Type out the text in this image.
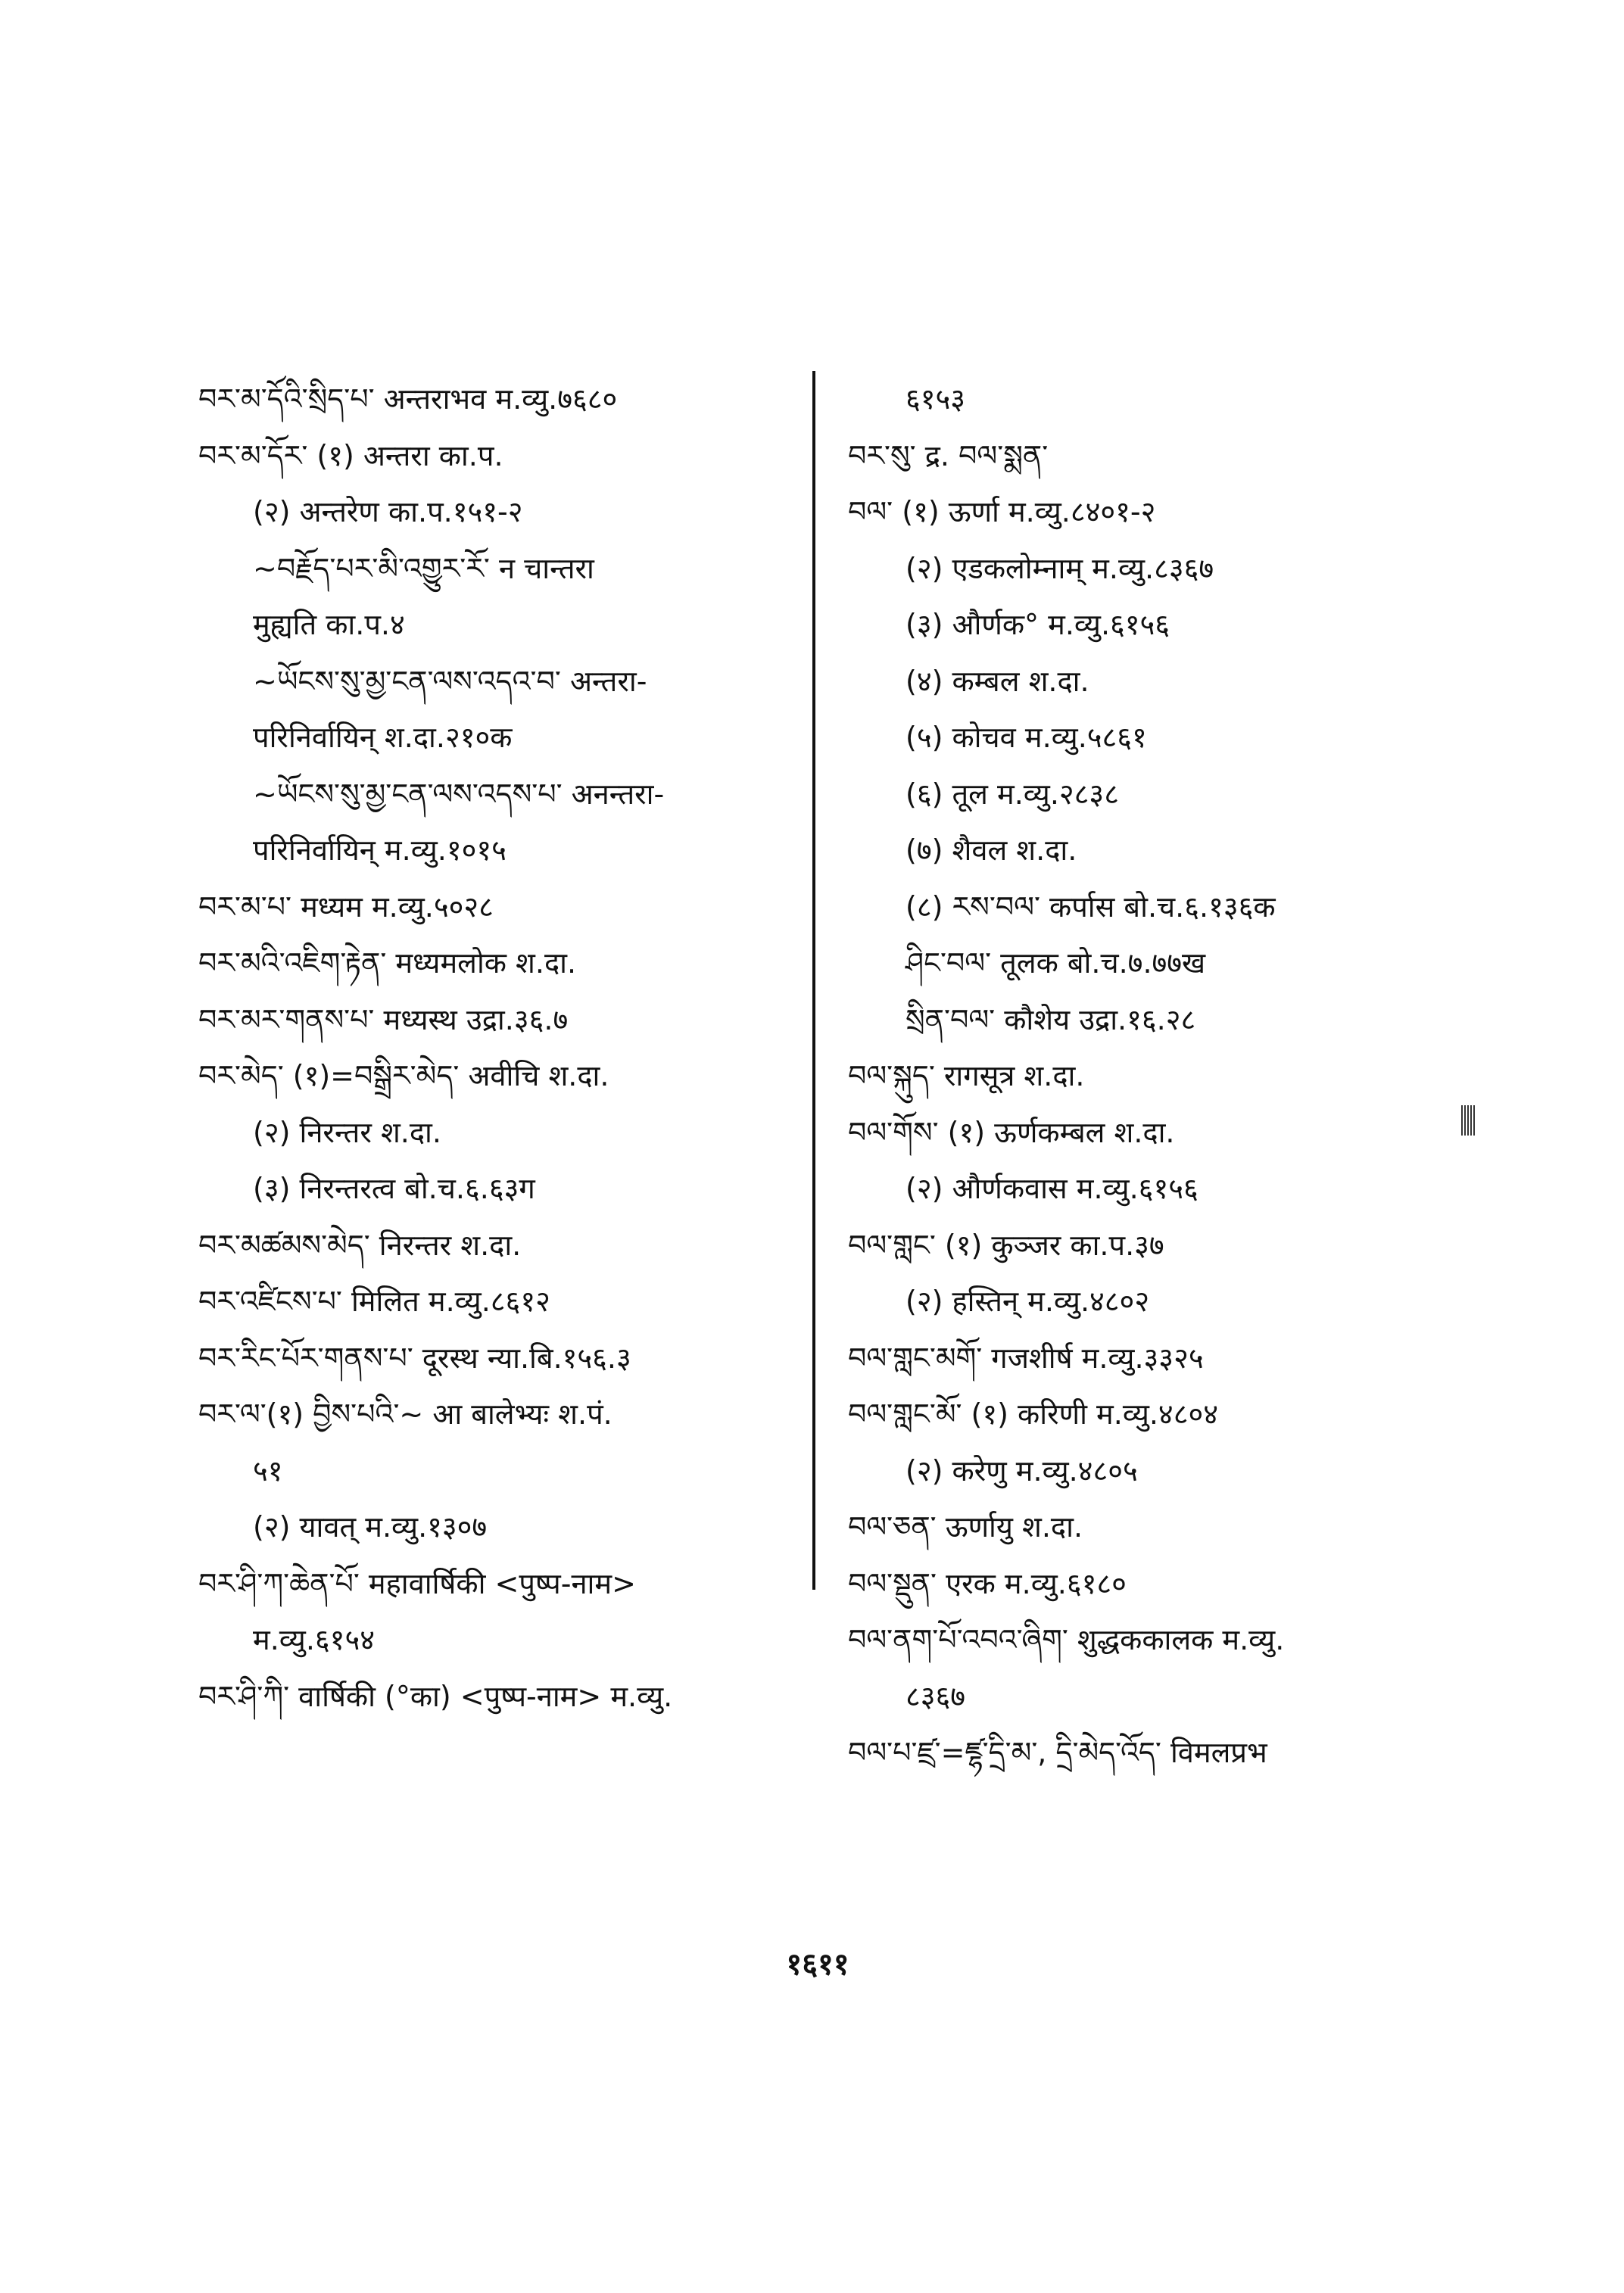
བར་མ་དོའི་སྲིད་པ་ अन्तराभव म.व्यु.७६८०
བར་མ་དོར་ (१) अन्तरा का.प.
(२) अन्तरेण का.प.१५१-२
~བརྗོད་པར་མི་འགྱུར་རོ་ न चान्तरा
मुह्यति का.प.४
~ཡོངས་སུ་མྱ་ངན་ལས་འདའ་བ་ अन्तरा-
परिनिर्वायिन् श.दा.२१०क
~ཡོངས་སུ་མྱ་ངན་ལས་འདས་པ་ अनन्तरा-
परिनिर्वायिन् म.व्यु.१०१५
བར་མ་པ་ मध्यम म.व्यु.५०२८
བར་མའི་འཇིག་རྟེན་ मध्यमलोक श.दा.
བར་མར་གནས་པ་ मध्यस्थ उद्रा.३६.७
བར་མེད་ (१)=བསྒྲིར་མེད་ अवीचि श.दा.
(२) निरन्तर श.दा.
(३) निरन्तरत्व बो.च.६.६३ग
བར་མཚམས་མེད་ निरन्तर श.दा.
བར་འཛིངས་པ་ मिलित म.व्यु.८६१२
བར་རིང་པོར་གནས་པ་ दूरस्थ न्या.बि.१५६.३
བར་ལ་(१) བྱིས་པའི་~ आ बालेभ्यः श.पं.
५१
(२) यावत् म.व्यु.१३०७
བར་ཤི་ཀ་ཆེན་པོ་ महावार्षिकी <पुष्प-नाम>
म.व्यु.६१५४
བར་ཤི་ཀི་ वार्षिकी (°का) <पुष्प-नाम> म.व्यु.
६१५३
བར་སུ་ द्र. བལ་སྨན་
བལ་ (१) ऊर्णा म.व्यु.८४०१-२
(२) एडकलोम्नाम् म.व्यु.८३६७
(३) और्णक° म.व्यु.६१५६
(४) कम्बल श.दा.
(५) कोचव म.व्यु.५८६१
(६) तूल म.व्यु.२८३८
(७) शैवल श.दा.
(८) རས་བལ་ कर्पास बो.च.६.१३६क
ཤིང་བལ་ तूलक बो.च.७.७७ख
སྲིན་བལ་ कौशेय उद्रा.१६.२८
བལ་སྐུད་ रागसूत्र श.दा.
བལ་གོས་ (१) ऊर्णकम्बल श.दा.
(२) और्णकवास म.व्यु.६१५६
བལ་གླང་ (१) कुञ्जर का.प.३७
(२) हस्तिन् म.व्यु.४८०२
བལ་གླང་མགོ་ गजशीर्ष म.व्यु.३३२५
བལ་གླང་མོ་ (१) करिणी म.व्यु.४८०४
(२) करेणु म.व्यु.४८०५
བལ་ཅན་ ऊर्णायु श.दा.
བལ་སྡུན་ एरक म.व्यु.६१८०
བལ་ནག་པོ་འབའ་ཞིག་ शुद्धककालक म.व्यु.
८३६७
བལ་པ་ཛྲ་=ཛྷ་དྲི་མ་, དྲི་མེད་འོད་ विमलप्रभ
१६११
